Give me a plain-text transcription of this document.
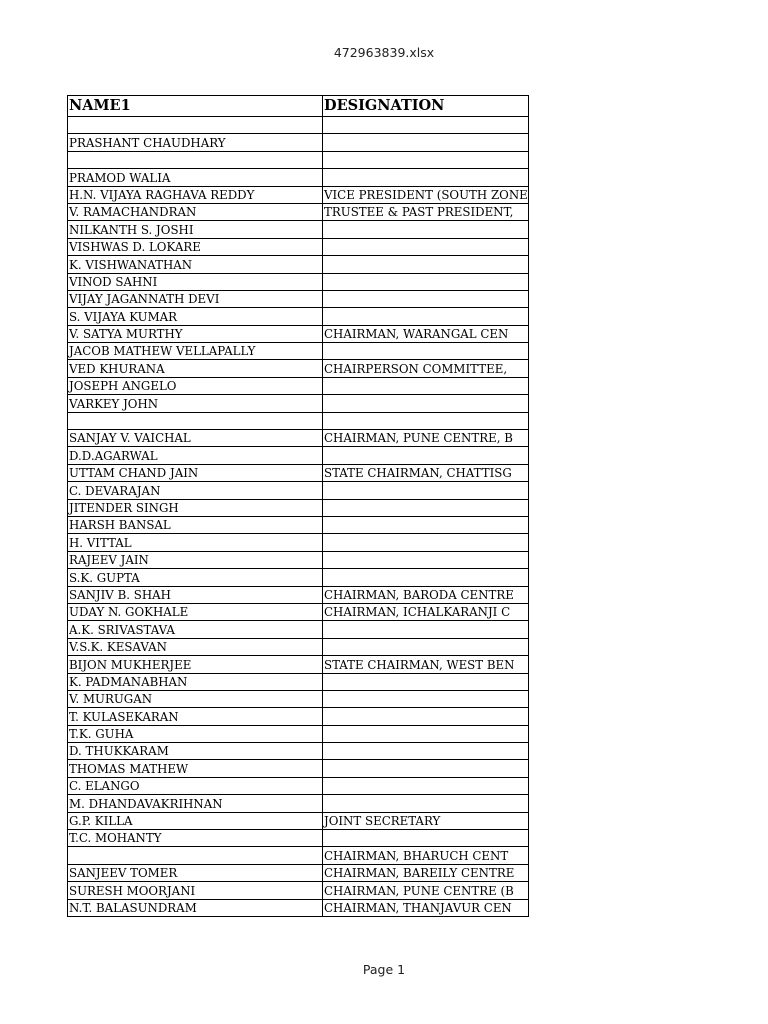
472963839.xlsx
NAME1	DESIGNATION

PRASHANT CHAUDHARY	

PRAMOD WALIA	
H.N. VIJAYA RAGHAVA REDDY	VICE PRESIDENT (SOUTH ZONE
V. RAMACHANDRAN	TRUSTEE & PAST PRESIDENT,
NILKANTH S. JOSHI	
VISHWAS D. LOKARE	
K. VISHWANATHAN	
VINOD SAHNI	
VIJAY JAGANNATH DEVI	
S. VIJAYA KUMAR	
V. SATYA MURTHY	CHAIRMAN, WARANGAL CEN
JACOB MATHEW VELLAPALLY	
VED KHURANA	CHAIRPERSON COMMITTEE,
JOSEPH ANGELO	
VARKEY JOHN	

SANJAY V. VAICHAL	CHAIRMAN, PUNE CENTRE, B
D.D.AGARWAL	
UTTAM CHAND JAIN	STATE CHAIRMAN, CHATTISG
C. DEVARAJAN	
JITENDER SINGH	
HARSH BANSAL	
H. VITTAL	
RAJEEV JAIN	
S.K. GUPTA	
SANJIV B. SHAH	CHAIRMAN, BARODA CENTRE
UDAY N. GOKHALE	CHAIRMAN, ICHALKARANJI C
A.K. SRIVASTAVA	
V.S.K. KESAVAN	
BIJON MUKHERJEE	STATE CHAIRMAN, WEST BEN
K. PADMANABHAN	
V. MURUGAN	
T. KULASEKARAN	
T.K. GUHA	
D. THUKKARAM	
THOMAS MATHEW	
C. ELANGO	
M. DHANDAVAKRIHNAN	
G.P. KILLA	JOINT SECRETARY
T.C. MOHANTY	
	CHAIRMAN, BHARUCH CENT
SANJEEV TOMER	CHAIRMAN, BAREILY CENTRE
SURESH MOORJANI	CHAIRMAN, PUNE CENTRE (B
N.T. BALASUNDRAM	CHAIRMAN, THANJAVUR CEN
Page 1
